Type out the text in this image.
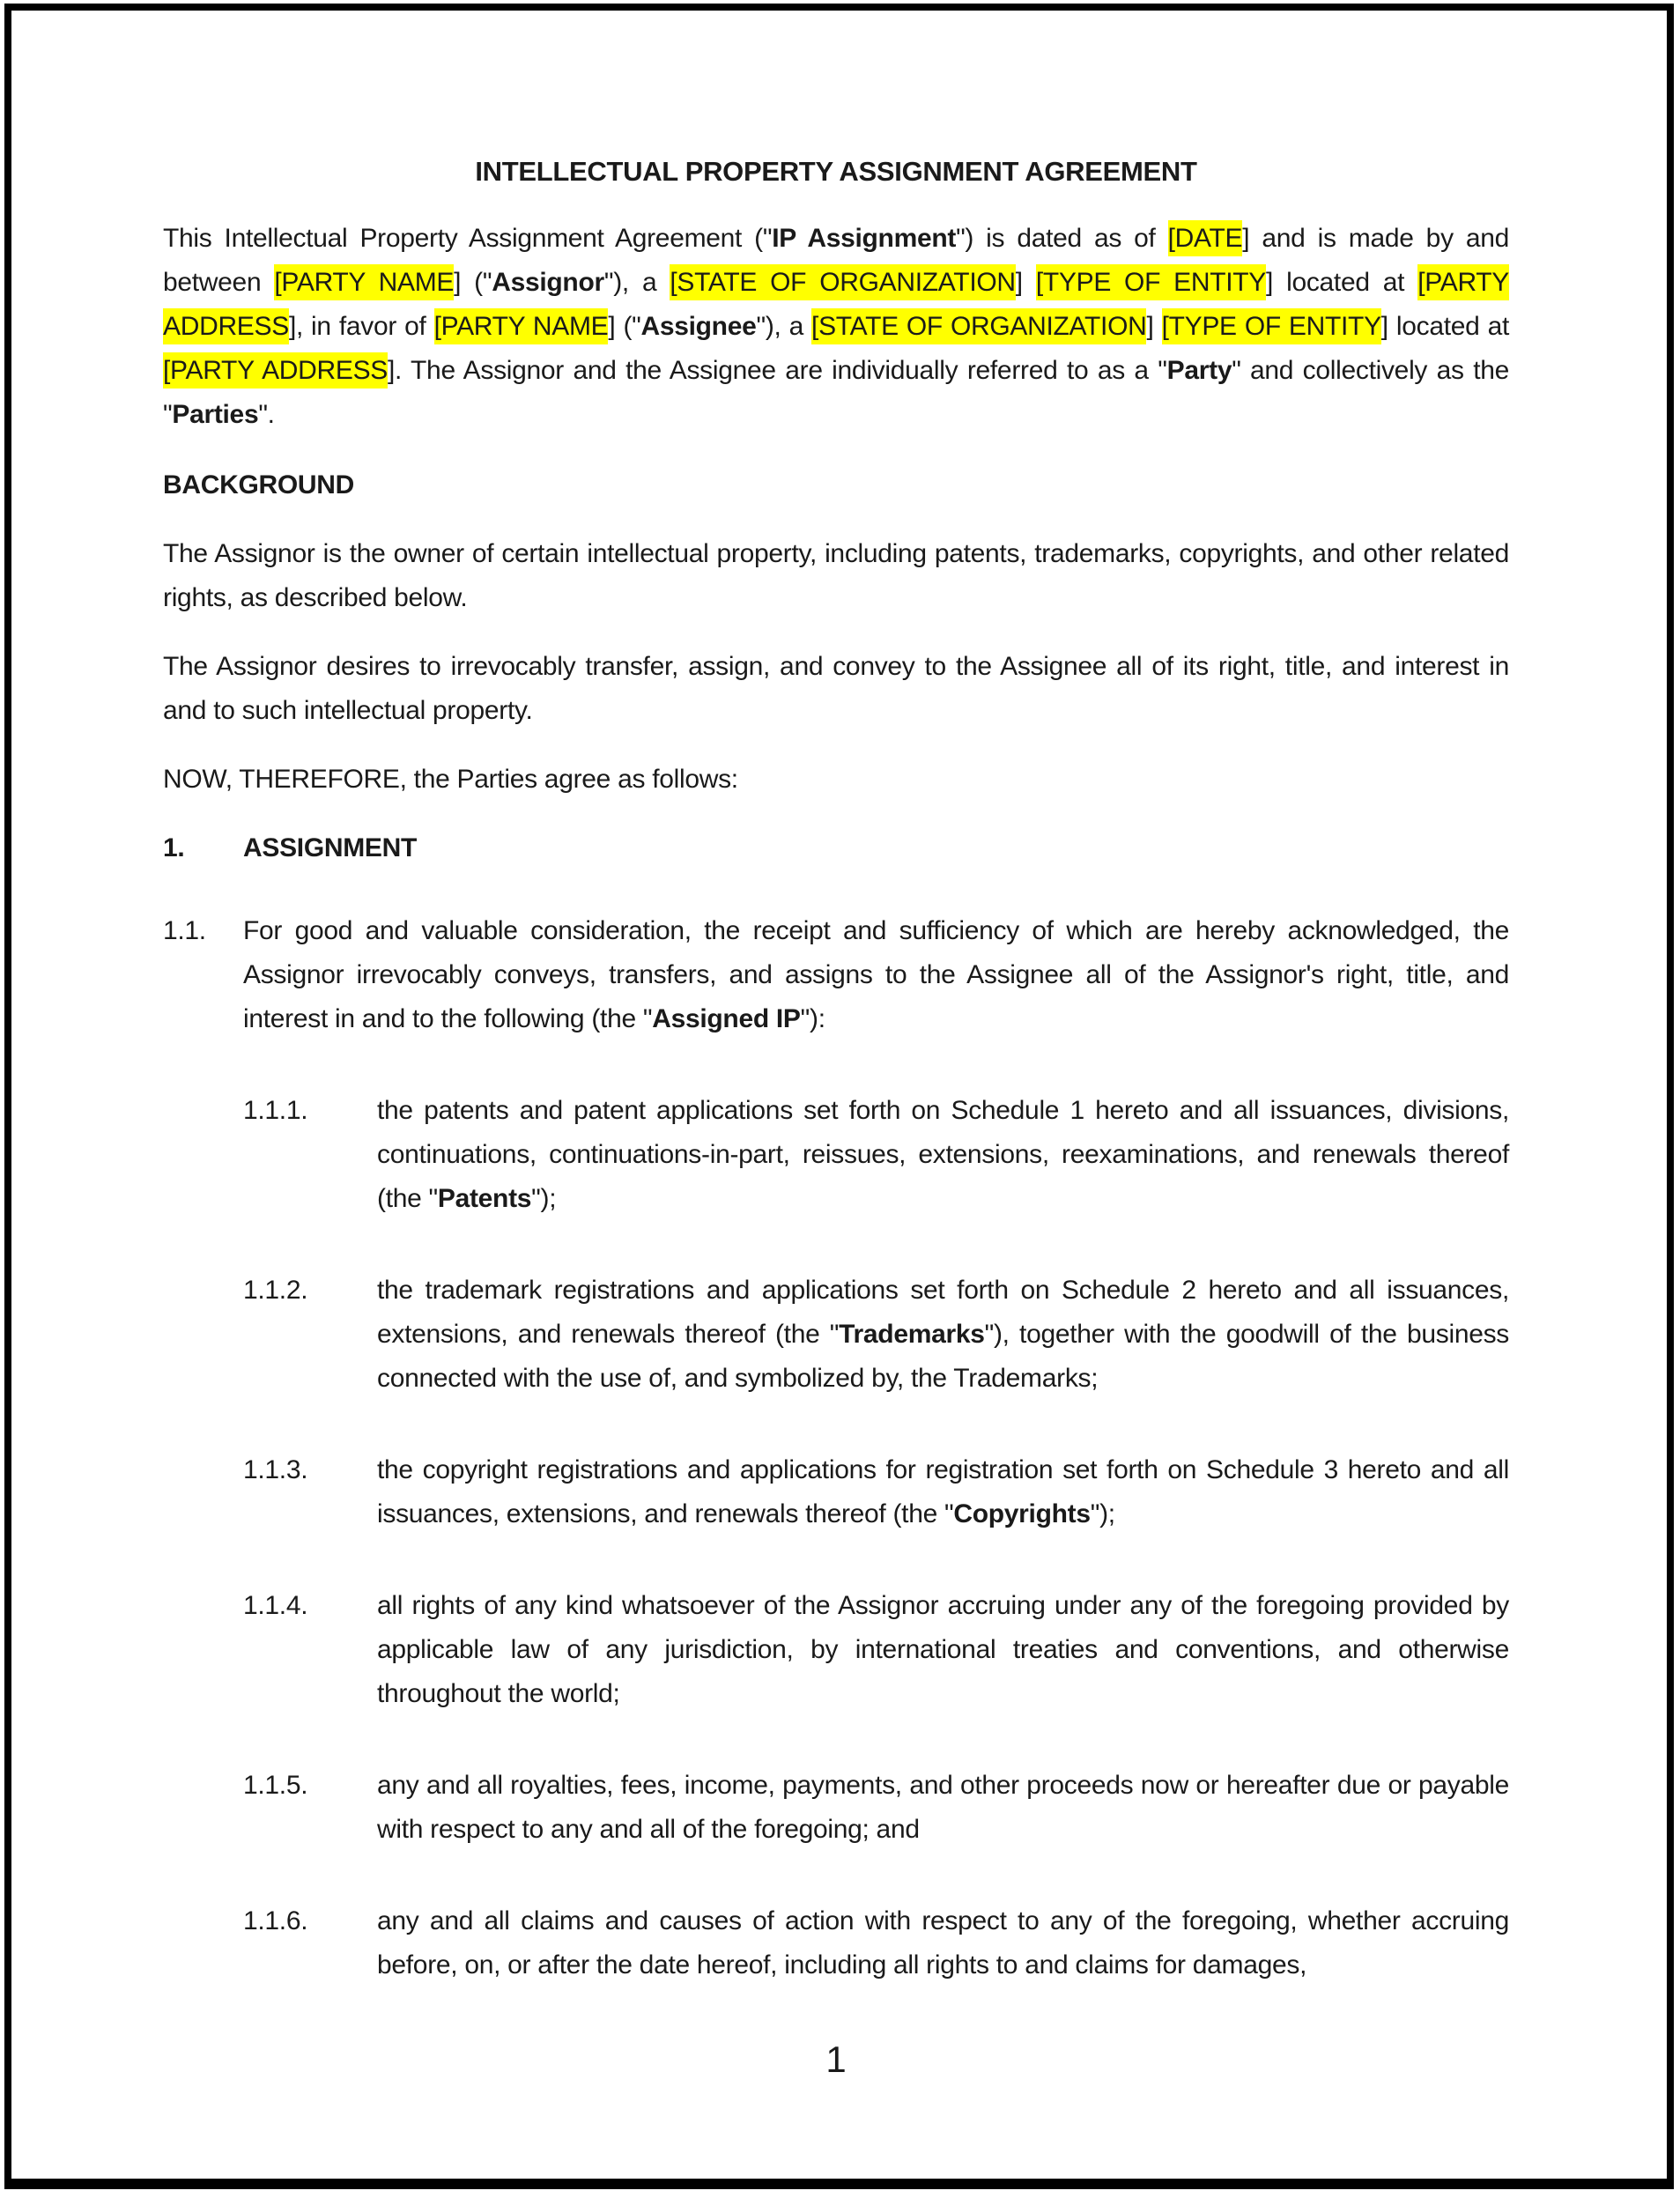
INTELLECTUAL PROPERTY ASSIGNMENT AGREEMENT

This Intellectual Property Assignment Agreement ("IP Assignment") is dated as of [DATE] and is made by and between [PARTY NAME] ("Assignor"), a [STATE OF ORGANIZATION] [TYPE OF ENTITY] located at [PARTY ADDRESS], in favor of [PARTY NAME] ("Assignee"), a [STATE OF ORGANIZATION] [TYPE OF ENTITY] located at [PARTY ADDRESS]. The Assignor and the Assignee are individually referred to as a "Party" and collectively as the "Parties".

BACKGROUND

The Assignor is the owner of certain intellectual property, including patents, trademarks, copyrights, and other related rights, as described below.

The Assignor desires to irrevocably transfer, assign, and convey to the Assignee all of its right, title, and interest in and to such intellectual property.

NOW, THEREFORE, the Parties agree as follows:

1.	ASSIGNMENT
1.1.	For good and valuable consideration, the receipt and sufficiency of which are hereby acknowledged, the Assignor irrevocably conveys, transfers, and assigns to the Assignee all of the Assignor's right, title, and interest in and to the following (the "Assigned IP"):
1.1.1.	the patents and patent applications set forth on Schedule 1 hereto and all issuances, divisions, continuations, continuations-in-part, reissues, extensions, reexaminations, and renewals thereof (the "Patents");
1.1.2.	the trademark registrations and applications set forth on Schedule 2 hereto and all issuances, extensions, and renewals thereof (the "Trademarks"), together with the goodwill of the business connected with the use of, and symbolized by, the Trademarks;
1.1.3.	the copyright registrations and applications for registration set forth on Schedule 3 hereto and all issuances, extensions, and renewals thereof (the "Copyrights");
1.1.4.	all rights of any kind whatsoever of the Assignor accruing under any of the foregoing provided by applicable law of any jurisdiction, by international treaties and conventions, and otherwise throughout the world;
1.1.5.	any and all royalties, fees, income, payments, and other proceeds now or hereafter due or payable with respect to any and all of the foregoing; and
1.1.6.	any and all claims and causes of action with respect to any of the foregoing, whether accruing before, on, or after the date hereof, including all rights to and claims for damages,
1
